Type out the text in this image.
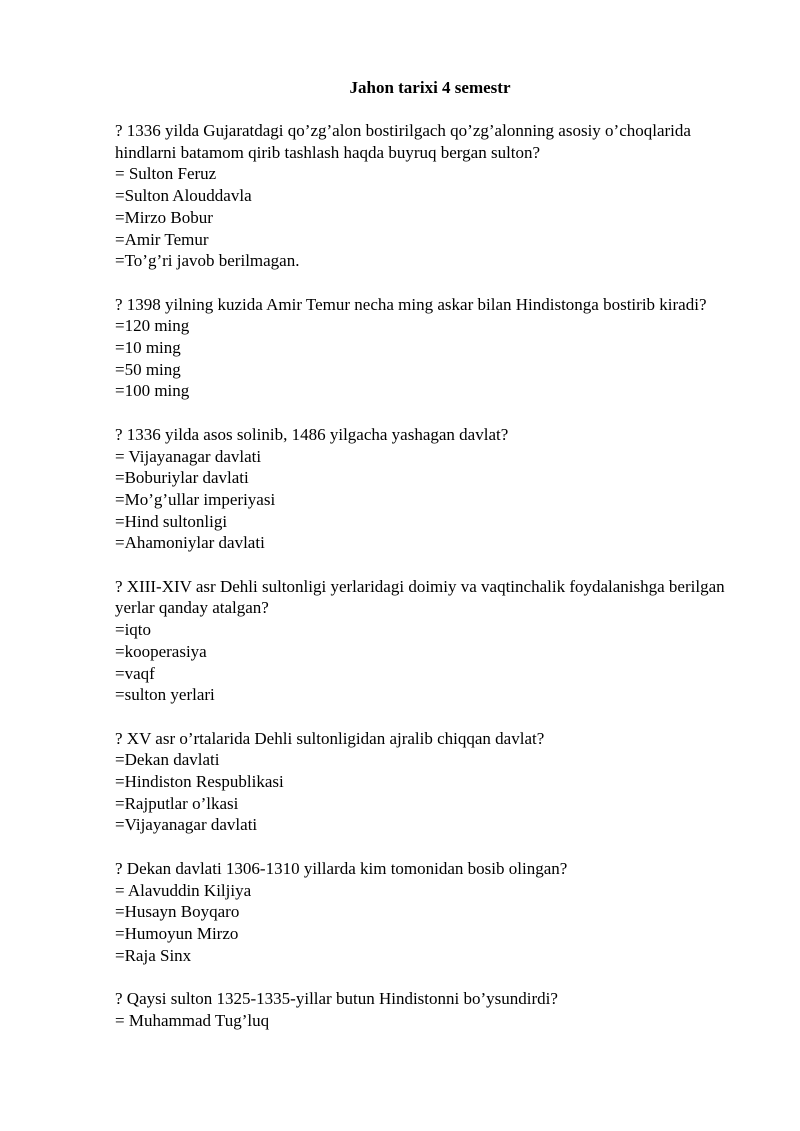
Jahon tarixi 4 semestr

? 1336 yilda Gujaratdagi qo’zg’alon bostirilgach qo’zg’alonning asosiy o’choqlarida hindlarni batamom qirib tashlash haqda buyruq bergan sulton?

= Sulton Feruz
=Sulton Alouddavla
=Mirzo Bobur
=Amir Temur
=To’g’ri javob berilmagan.

? 1398 yilning kuzida Amir Temur necha ming askar bilan Hindistonga bostirib kiradi?

=120 ming
=10 ming
=50 ming
=100 ming

? 1336 yilda asos solinib, 1486 yilgacha yashagan davlat?

= Vijayanagar davlati
=Boburiylar davlati
=Mo’g’ullar imperiyasi
=Hind sultonligi
=Ahamoniylar davlati

? XIII-XIV asr Dehli sultonligi yerlaridagi doimiy va vaqtinchalik foydalanishga berilgan yerlar qanday atalgan?

=iqto
=kooperasiya
=vaqf
=sulton yerlari

? XV asr o’rtalarida Dehli sultonligidan ajralib chiqqan davlat?

=Dekan davlati
=Hindiston Respublikasi
=Rajputlar o’lkasi
=Vijayanagar davlati

? Dekan davlati 1306-1310 yillarda kim tomonidan bosib olingan?

= Alavuddin Kiljiya
=Husayn Boyqaro
=Humoyun Mirzo
=Raja Sinx

? Qaysi sulton 1325-1335-yillar butun Hindistonni bo’ysundirdi?

= Muhammad Tug’luq
